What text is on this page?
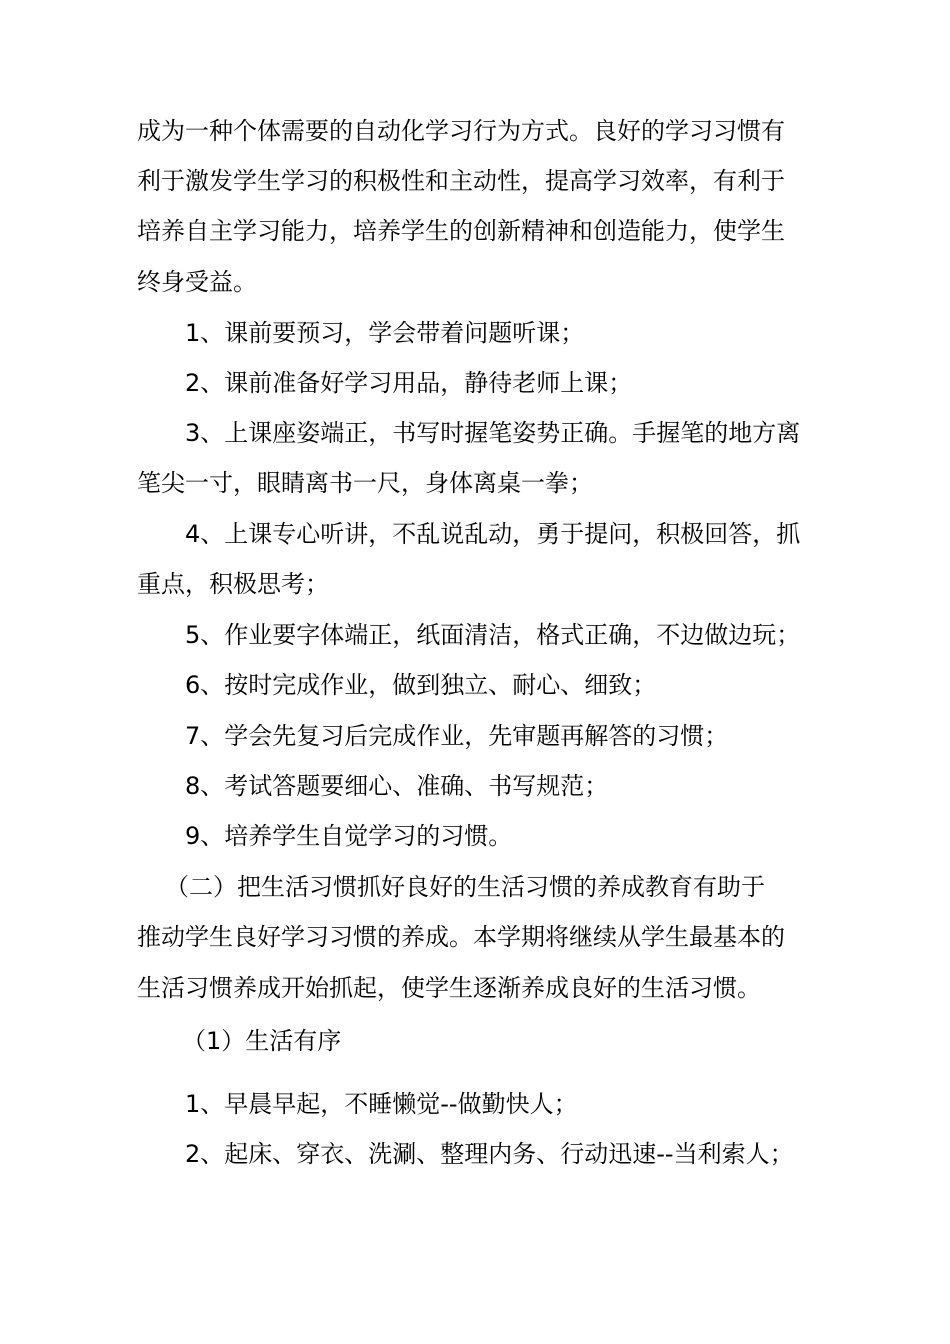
成为一种个体需要的自动化学习行为方式。良好的学习习惯有
利于激发学生学习的积极性和主动性，提高学习效率，有利于
培养自主学习能力，培养学生的创新精神和创造能力，使学生
终身受益。
1、课前要预习，学会带着问题听课；
2、课前准备好学习用品，静待老师上课；
3、上课座姿端正，书写时握笔姿势正确。手握笔的地方离
笔尖一寸，眼睛离书一尺，身体离桌一拳；
4、上课专心听讲，不乱说乱动，勇于提问，积极回答，抓
重点，积极思考；
5、作业要字体端正，纸面清洁，格式正确，不边做边玩；
6、按时完成作业，做到独立、耐心、细致；
7、学会先复习后完成作业，先审题再解答的习惯；
8、考试答题要细心、准确、书写规范；
9、培养学生自觉学习的习惯。
（二）把生活习惯抓好良好的生活习惯的养成教育有助于
推动学生良好学习习惯的养成。本学期将继续从学生最基本的
生活习惯养成开始抓起，使学生逐渐养成良好的生活习惯。
（1）生活有序
1、早晨早起，不睡懒觉--做勤快人；
2、起床、穿衣、洗涮、整理内务、行动迅速--当利索人；
